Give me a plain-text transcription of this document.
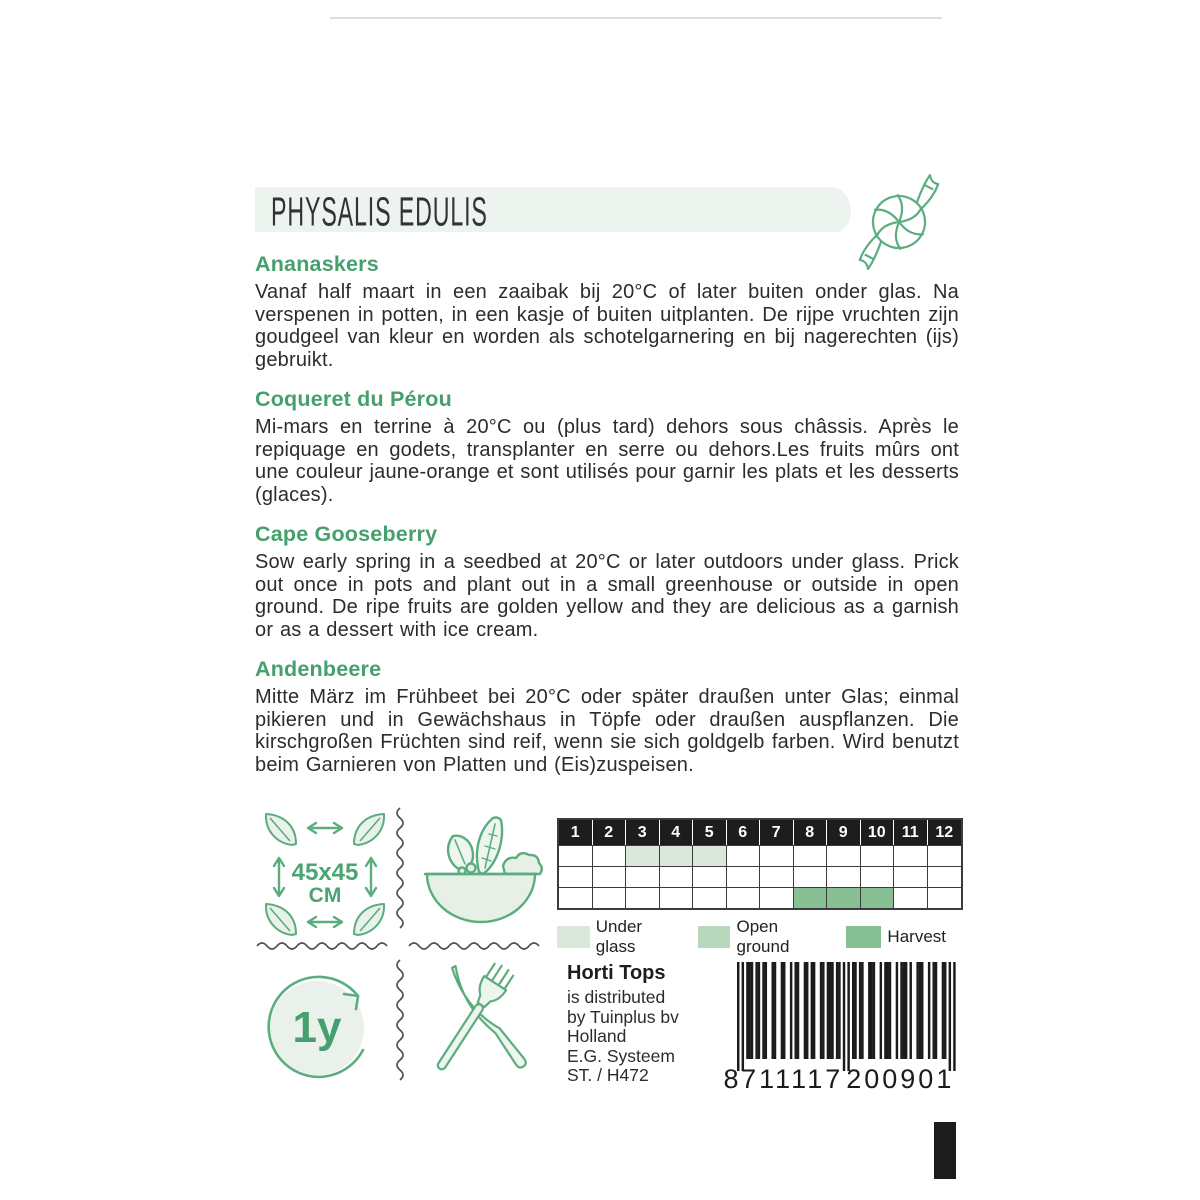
PHYSALIS EDULIS
Ananaskers

Vanaf half maart in een zaaibak bij 20°C of later buiten onder glas. Na verspenen in potten, in een kasje of buiten uitplanten. De rijpe vruchten zijn goudgeel van kleur en worden als schotelgarnering en bij nagerechten (ijs) gebruikt.

Coqueret du Pérou

Mi-mars en terrine à 20°C ou (plus tard) dehors sous châssis. Après le repiquage en godets, transplanter en serre ou dehors.Les fruits mûrs ont une couleur jaune-orange et sont utilisés pour garnir les plats et les desserts (glaces).

Cape Gooseberry

Sow early spring in a seedbed at 20°C or later outdoors under glass. Prick out once in pots and plant out in a small greenhouse or outside in open ground. De ripe fruits are golden yellow and they are delicious as a garnish or as a dessert with ice cream.

Andenbeere

Mitte März im Frühbeet bei 20°C oder später draußen unter Glas; einmal pikieren und in Gewächshaus in Töpfe oder draußen auspflanzen. Die kirschgroßen Früchten sind reif, wenn sie sich goldgelb farben. Wird benutzt beim Garnieren von Platten und (Eis)zuspeisen.

45x45
CM
1	2	3	4	5	6	7	8	9	10	11	12
Under glass
Open ground
Harvest
1y
Horti Tops
is distributed
by Tuinplus bv
Holland
E.G. Systeem
ST. / H472	8 711117 200901
